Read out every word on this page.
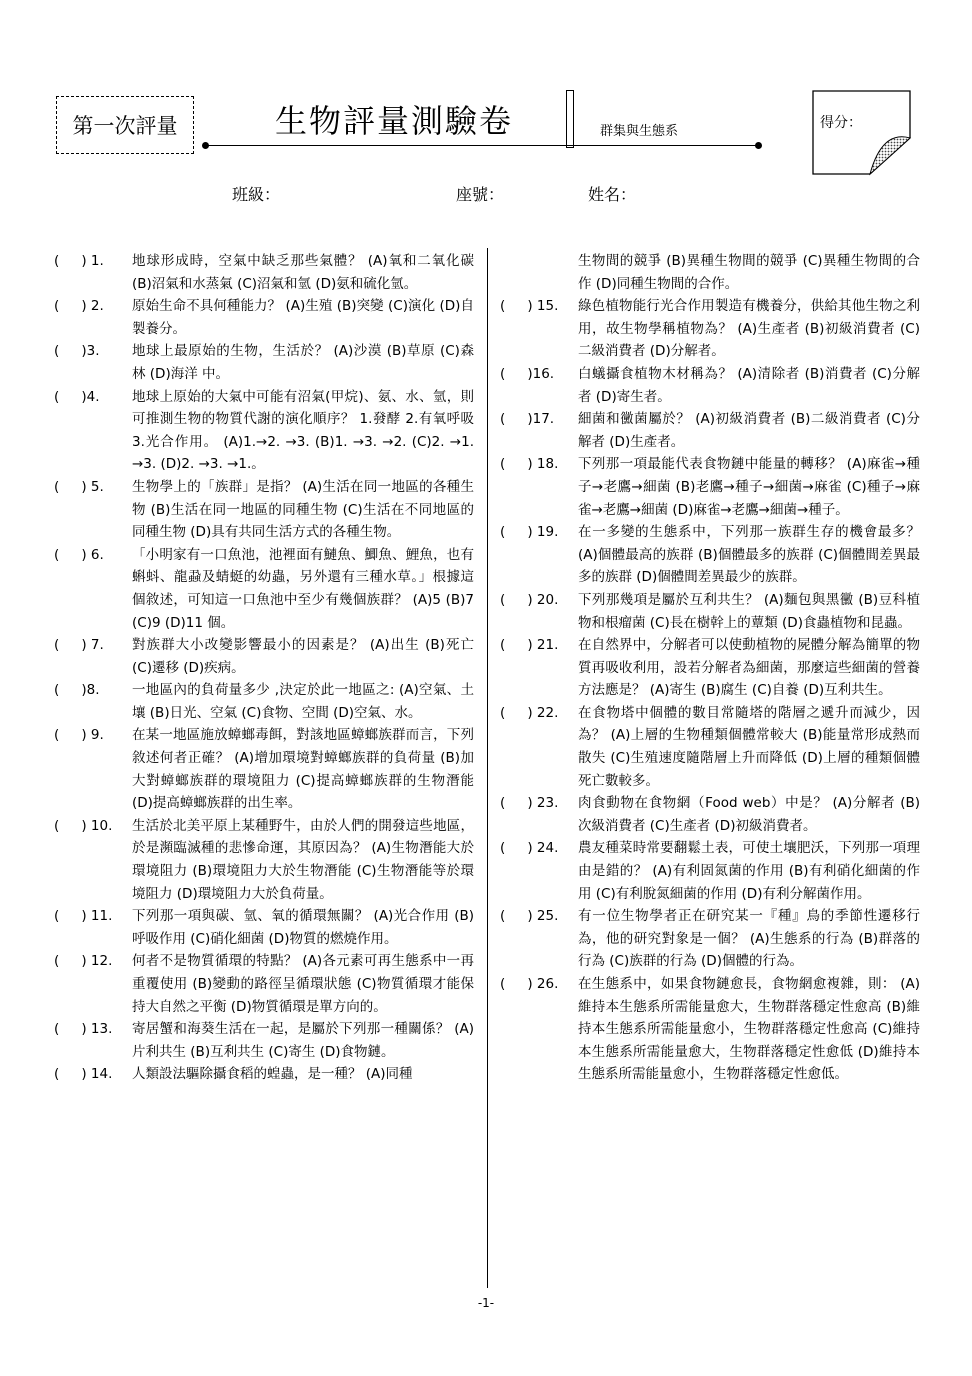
第一次評量	生物評量測驗卷	群集與生態系
得分：
班級：	座號：	姓名：
(　  ) 1.	地球形成時，空氣中缺乏那些氣體？ (A)氧和二氧化碳 (B)沼氣和水蒸氣 (C)沼氣和氫 (D)氨和硫化氫。
(　  ) 2.	原始生命不具何種能力？ (A)生殖 (B)突變 (C)演化 (D)自製養分。
(　  )3.	地球上最原始的生物，生活於？ (A)沙漠 (B)草原 (C)森林 (D)海洋 中。
(　  )4.	地球上原始的大氣中可能有沼氣(甲烷)、氨、水、氫，則可推測生物的物質代謝的演化順序？ 1.發酵 2.有氧呼吸 3.光合作用。 (A)1.→2. →3. (B)1. →3. →2. (C)2. →1. →3. (D)2. →3. →1.。
(　  ) 5.	生物學上的「族群」是指？ (A)生活在同一地區的各種生物 (B)生活在同一地區的同種生物 (C)生活在不同地區的同種生物 (D)具有共同生活方式的各種生物。
(　  ) 6.	「小明家有一口魚池，池裡面有鰱魚、鯽魚、鯉魚，也有蝌蚪、龍蝨及蜻蜓的幼蟲，另外還有三種水草。」根據這個敘述，可知這一口魚池中至少有幾個族群？ (A)5 (B)7 (C)9 (D)11 個。
(　  ) 7.	對族群大小改變影響最小的因素是？ (A)出生 (B)死亡 (C)遷移 (D)疾病。
(　  )8.	一地區內的負荷量多少 ,決定於此一地區之: (A)空氣、土壤 (B)日光、空氣 (C)食物、空間 (D)空氣、水。
(　  ) 9.	在某一地區施放蟑螂毒餌，對該地區蟑螂族群而言，下列敘述何者正確？ (A)增加環境對蟑螂族群的負荷量 (B)加大對蟑螂族群的環境阻力 (C)提高蟑螂族群的生物潛能 (D)提高蟑螂族群的出生率。
(　  ) 10.	生活於北美平原上某種野牛，由於人們的開發這些地區，於是瀕臨滅種的悲慘命運，其原因為？ (A)生物潛能大於環境阻力 (B)環境阻力大於生物潛能 (C)生物潛能等於環境阻力 (D)環境阻力大於負荷量。
(　  ) 11.	下列那一項與碳、氫、氧的循環無關？ (A)光合作用 (B)呼吸作用 (C)硝化細菌 (D)物質的燃燒作用。
(　  ) 12.	何者不是物質循環的特點？ (A)各元素可再生態系中一再重覆使用 (B)變動的路徑呈循環狀態 (C)物質循環才能保持大自然之平衡 (D)物質循環是單方向的。
(　  ) 13.	寄居蟹和海葵生活在一起，是屬於下列那一種關係？ (A)片利共生 (B)互利共生 (C)寄生 (D)食物鏈。
(　  ) 14.	人類設法驅除攝食稻的蝗蟲，是一種？ (A)同種
生物間的競爭 (B)異種生物間的競爭 (C)異種生物間的合作 (D)同種生物間的合作。
(　  ) 15.	綠色植物能行光合作用製造有機養分，供給其他生物之利用，故生物學稱植物為？ (A)生產者 (B)初級消費者 (C)二級消費者 (D)分解者。
(　  )16.	白蟻攝食植物木材稱為？ (A)清除者 (B)消費者 (C)分解者 (D)寄生者。
(　  )17.	細菌和黴菌屬於？ (A)初級消費者 (B)二級消費者 (C)分解者 (D)生產者。
(　  ) 18.	下列那一項最能代表食物鏈中能量的轉移？ (A)麻雀→種子→老鷹→細菌 (B)老鷹→種子→細菌→麻雀 (C)種子→麻雀→老鷹→細菌 (D)麻雀→老鷹→細菌→種子。
(　  ) 19.	在一多變的生態系中，下列那一族群生存的機會最多？ (A)個體最高的族群 (B)個體最多的族群 (C)個體間差異最多的族群 (D)個體間差異最少的族群。
(　  ) 20.	下列那幾項是屬於互利共生？ (A)麵包與黑黴 (B)豆科植物和根瘤菌 (C)長在樹幹上的蕈類 (D)食蟲植物和昆蟲。
(　  ) 21.	在自然界中，分解者可以使動植物的屍體分解為簡單的物質再吸收利用，設若分解者為細菌，那麼這些細菌的營養方法應是？ (A)寄生 (B)腐生 (C)自養 (D)互利共生。
(　  ) 22.	在食物塔中個體的數目常隨塔的階層之遞升而減少，因為？ (A)上層的生物種類個體常較大 (B)能量常形成熱而散失 (C)生殖速度隨階層上升而降低 (D)上層的種類個體死亡數較多。
(　  ) 23.	肉食動物在食物網（Food web）中是？ (A)分解者 (B)次級消費者 (C)生產者 (D)初級消費者。
(　  ) 24.	農友種菜時常要翻鬆土表，可使土壤肥沃，下列那一項理由是錯的？ (A)有利固氮菌的作用 (B)有利硝化細菌的作用 (C)有利脫氮細菌的作用 (D)有利分解菌作用。
(　  ) 25.	有一位生物學者正在研究某一『種』鳥的季節性遷移行為，他的研究對象是一個？ (A)生態系的行為 (B)群落的行為 (C)族群的行為 (D)個體的行為。
(　  ) 26.	在生態系中，如果食物鏈愈長，食物網愈複雜，則： (A)維持本生態系所需能量愈大，生物群落穩定性愈高 (B)維持本生態系所需能量愈小，生物群落穩定性愈高 (C)維持本生態系所需能量愈大，生物群落穩定性愈低 (D)維持本生態系所需能量愈小，生物群落穩定性愈低。
-1-
